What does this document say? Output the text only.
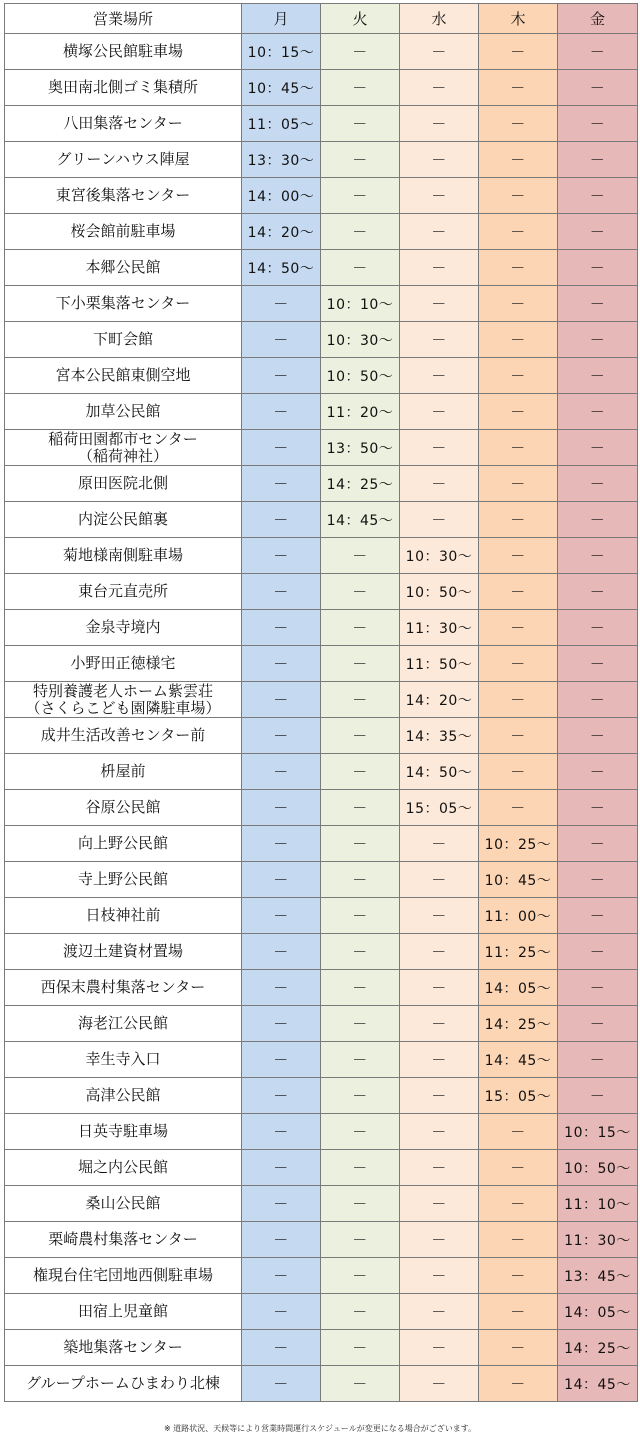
営業場所	月	火	水	木	金

横塚公民館駐車場	10：15～	－	－	－	－

奥田南北側ゴミ集積所	10：45～	－	－	－	－

八田集落センター	11：05～	－	－	－	－

グリーンハウス陣屋	13：30～	－	－	－	－

東宮後集落センター	14：00～	－	－	－	－

桜会館前駐車場	14：20～	－	－	－	－

本郷公民館	14：50～	－	－	－	－

下小栗集落センター	－	10：10～	－	－	－

下町会館	－	10：30～	－	－	－

宮本公民館東側空地	－	10：50～	－	－	－

加草公民館	－	11：20～	－	－	－

稲荷田園都市センター
（稲荷神社）	－	13：50～	－	－	－

原田医院北側	－	14：25～	－	－	－

内淀公民館裏	－	14：45～	－	－	－

菊地様南側駐車場	－	－	10：30～	－	－

東台元直売所	－	－	10：50～	－	－

金泉寺境内	－	－	11：30～	－	－

小野田正徳様宅	－	－	11：50～	－	－

特別養護老人ホーム紫雲荘
（さくらこども園隣駐車場）	－	－	14：20～	－	－

成井生活改善センター前	－	－	14：35～	－	－

枡屋前	－	－	14：50～	－	－

谷原公民館	－	－	15：05～	－	－

向上野公民館	－	－	－	10：25～	－

寺上野公民館	－	－	－	10：45～	－

日枝神社前	－	－	－	11：00～	－

渡辺土建資材置場	－	－	－	11：25～	－

西保末農村集落センター	－	－	－	14：05～	－

海老江公民館	－	－	－	14：25～	－

幸生寺入口	－	－	－	14：45～	－

高津公民館	－	－	－	15：05～	－

日英寺駐車場	－	－	－	－	10：15～

堀之内公民館	－	－	－	－	10：50～

桑山公民館	－	－	－	－	11：10～

栗崎農村集落センター	－	－	－	－	11：30～

権現台住宅団地西側駐車場	－	－	－	－	13：45～

田宿上児童館	－	－	－	－	14：05～

築地集落センター	－	－	－	－	14：25～

グループホームひまわり北棟	－	－	－	－	14：45～
※ 道路状況、天候等により営業時間運行スケジュールが変更になる場合がございます。
